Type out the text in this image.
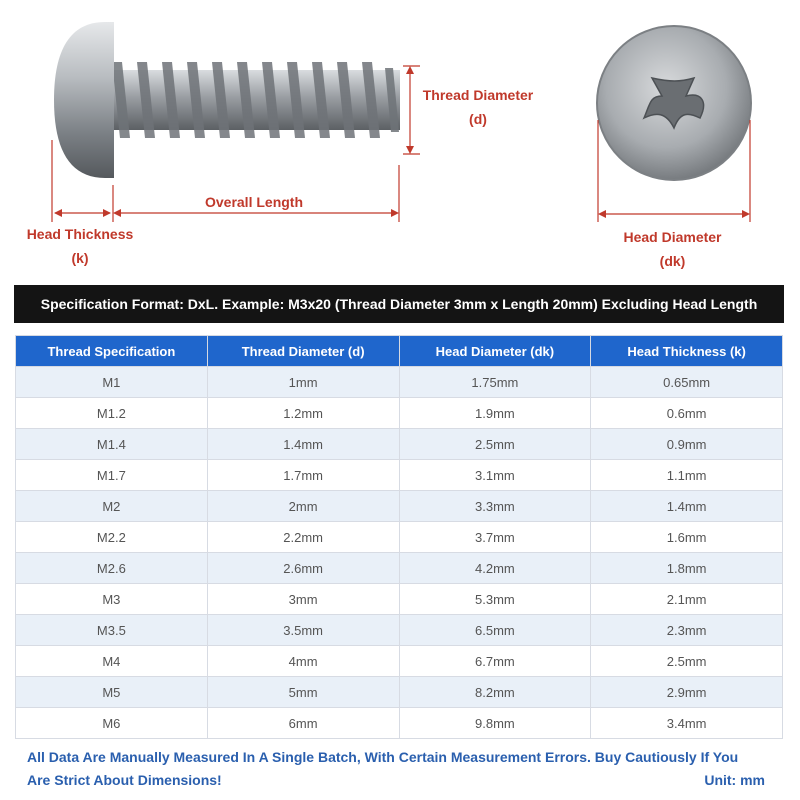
Thread Diameter
(d)
Overall Length
Head Thickness
(k)
Head Diameter
(dk)
Specification Format: DxL. Example: M3x20 (Thread Diameter 3mm x Length 20mm) Excluding Head Length
Thread Specification	Thread Diameter (d)	Head Diameter (dk)	Head Thickness (k)
M1	1mm	1.75mm	0.65mm
M1.2	1.2mm	1.9mm	0.6mm
M1.4	1.4mm	2.5mm	0.9mm
M1.7	1.7mm	3.1mm	1.1mm
M2	2mm	3.3mm	1.4mm
M2.2	2.2mm	3.7mm	1.6mm
M2.6	2.6mm	4.2mm	1.8mm
M3	3mm	5.3mm	2.1mm
M3.5	3.5mm	6.5mm	2.3mm
M4	4mm	6.7mm	2.5mm
M5	5mm	8.2mm	2.9mm
M6	6mm	9.8mm	3.4mm
All Data Are Manually Measured In A Single Batch, With Certain Measurement Errors. Buy Cautiously If You
Are Strict About Dimensions!	Unit: mm
